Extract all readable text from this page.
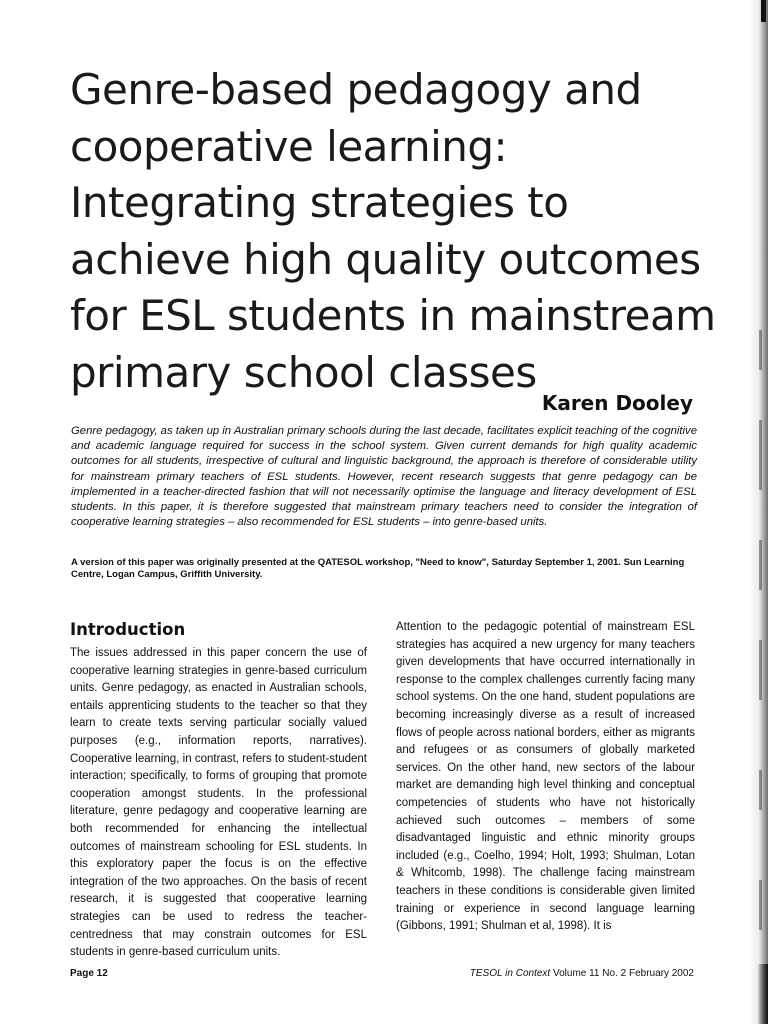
Genre-based pedagogy and
cooperative learning:
Integrating strategies to
achieve high quality outcomes
for ESL students in mainstream
primary school classes

Karen Dooley

Genre pedagogy, as taken up in Australian primary schools during the last decade, facilitates explicit teaching of the cognitive and academic language required for success in the school system. Given current demands for high quality academic outcomes for all students, irrespective of cultural and linguistic background, the approach is therefore of considerable utility for mainstream primary teachers of ESL students. However, recent research suggests that genre pedagogy can be implemented in a teacher-directed fashion that will not necessarily optimise the language and literacy development of ESL students. In this paper, it is therefore suggested that mainstream primary teachers need to consider the integration of cooperative learning strategies – also recommended for ESL students – into genre-based units.

A version of this paper was originally presented at the QATESOL workshop, "Need to know", Saturday September 1, 2001. Sun Learning Centre, Logan Campus, Griffith University.

Introduction

The issues addressed in this paper concern the use of cooperative learning strategies in genre-based curriculum units. Genre pedagogy, as enacted in Australian schools, entails apprenticing students to the teacher so that they learn to create texts serving particular socially valued purposes (e.g., information reports, narratives). Cooperative learning, in contrast, refers to student-student interaction; specifically, to forms of grouping that promote cooperation amongst students. In the professional literature, genre pedagogy and cooperative learning are both recommended for enhancing the intellectual outcomes of mainstream schooling for ESL students. In this exploratory paper the focus is on the effective integration of the two approaches. On the basis of recent research, it is suggested that cooperative learning strategies can be used to redress the teacher-centredness that may constrain outcomes for ESL students in genre-based curriculum units.

Attention to the pedagogic potential of mainstream ESL strategies has acquired a new urgency for many teachers given developments that have occurred internationally in response to the complex challenges currently facing many school systems. On the one hand, student populations are becoming increasingly diverse as a result of increased flows of people across national borders, either as migrants and refugees or as consumers of globally marketed services. On the other hand, new sectors of the labour market are demanding high level thinking and conceptual competencies of students who have not historically achieved such outcomes – members of some disadvantaged linguistic and ethnic minority groups included (e.g., Coelho, 1994; Holt, 1993; Shulman, Lotan & Whitcomb, 1998). The challenge facing mainstream teachers in these conditions is considerable given limited training or experience in second language learning (Gibbons, 1991; Shulman et al, 1998). It is

Page 12	TESOL in Context Volume 11 No. 2 February 2002
